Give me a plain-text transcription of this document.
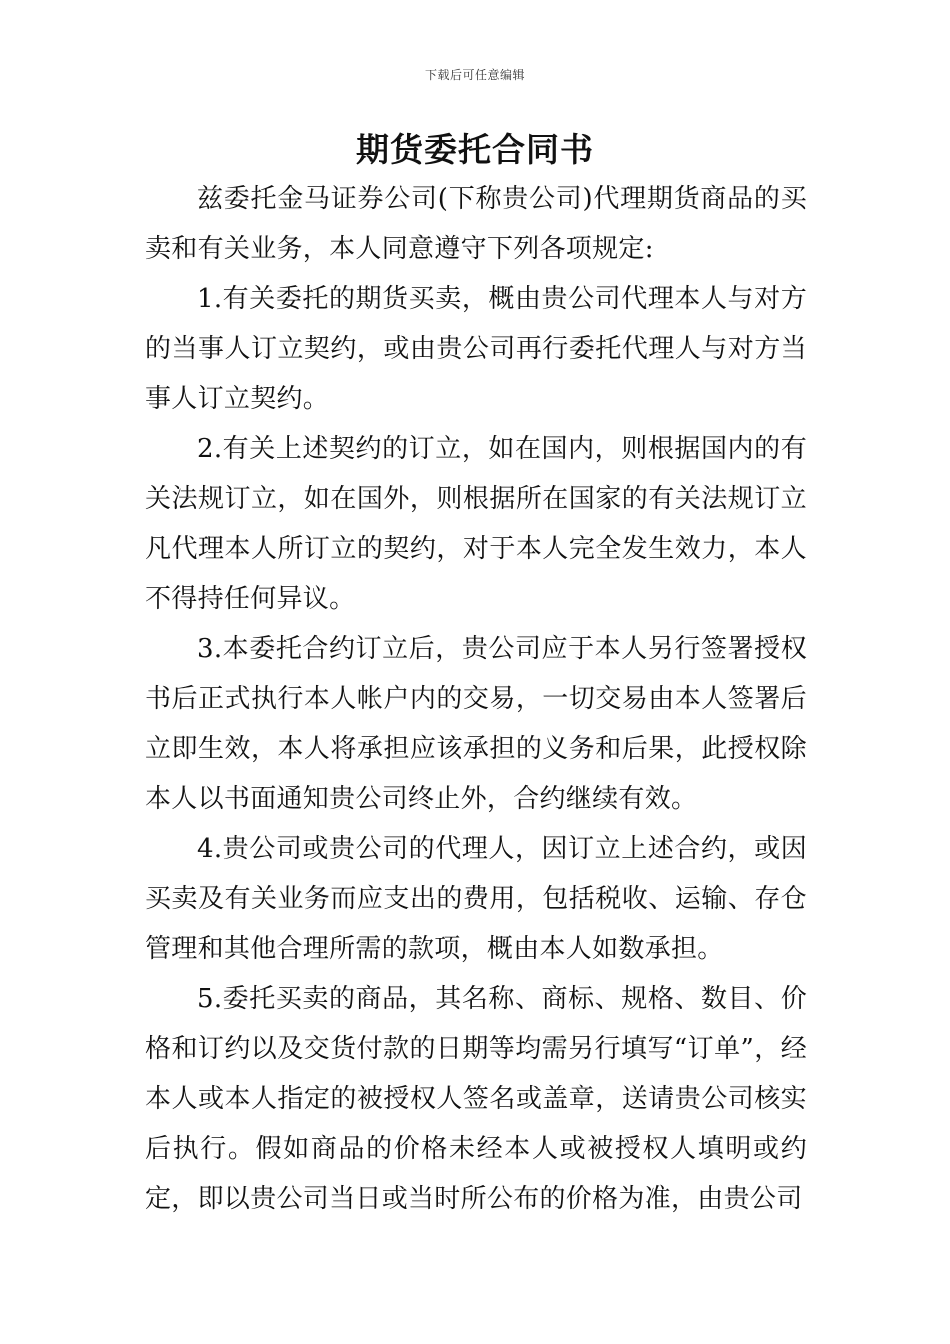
下载后可任意编辑
期货委托合同书

兹委托金马证券公司(下称贵公司)代理期货商品的买卖和有关业务，本人同意遵守下列各项规定:

1.有关委托的期货买卖，概由贵公司代理本人与对方的当事人订立契约，或由贵公司再行委托代理人与对方当事人订立契约。

2.有关上述契约的订立，如在国内，则根据国内的有关法规订立，如在国外，则根据所在国家的有关法规订立凡代理本人所订立的契约，对于本人完全发生效力，本人不得持任何异议。

3.本委托合约订立后，贵公司应于本人另行签署授权书后正式执行本人帐户内的交易，一切交易由本人签署后立即生效，本人将承担应该承担的义务和后果，此授权除本人以书面通知贵公司终止外，合约继续有效。

4.贵公司或贵公司的代理人，因订立上述合约，或因买卖及有关业务而应支出的费用，包括税收、运输、存仓管理和其他合理所需的款项，概由本人如数承担。

5.委托买卖的商品，其名称、商标、规格、数目、价格和订约以及交货付款的日期等均需另行填写“订单”，经本人或本人指定的被授权人签名或盖章，送请贵公司核实后执行。假如商品的价格未经本人或被授权人填明或约定，即以贵公司当日或当时所公布的价格为准，由贵公司
